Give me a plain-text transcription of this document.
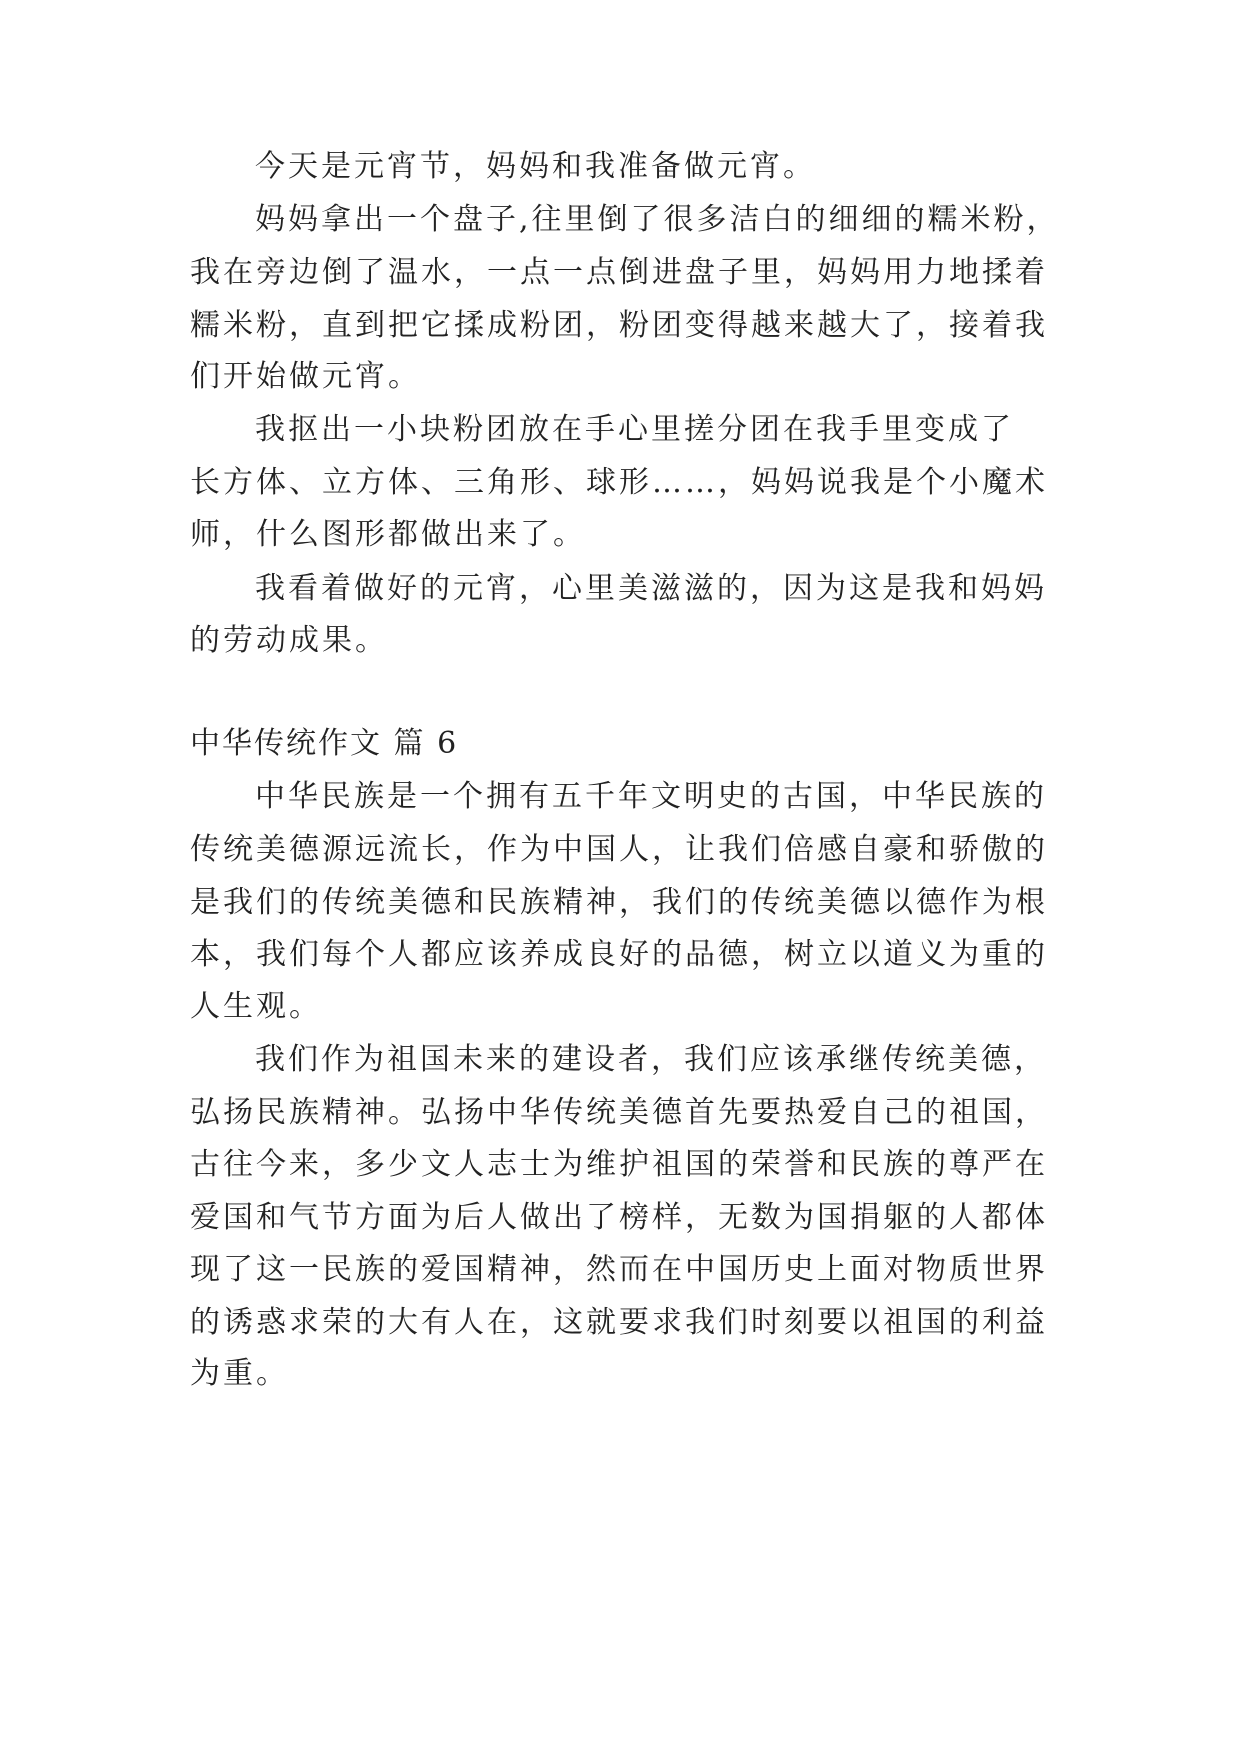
今天是元宵节，妈妈和我准备做元宵。

妈妈拿出一个盘子,往里倒了很多洁白的细细的糯米粉，

我在旁边倒了温水，一点一点倒进盘子里，妈妈用力地揉着

糯米粉，直到把它揉成粉团，粉团变得越来越大了，接着我

们开始做元宵。

我抠出一小块粉团放在手心里搓分团在我手里变成了

长方体、立方体、三角形、球形……，妈妈说我是个小魔术

师，什么图形都做出来了。

我看着做好的元宵，心里美滋滋的，因为这是我和妈妈

的劳动成果。

中华传统作文 篇 6

中华民族是一个拥有五千年文明史的古国，中华民族的

传统美德源远流长，作为中国人，让我们倍感自豪和骄傲的

是我们的传统美德和民族精神，我们的传统美德以德作为根

本，我们每个人都应该养成良好的品德，树立以道义为重的

人生观。

我们作为祖国未来的建设者，我们应该承继传统美德，

弘扬民族精神。弘扬中华传统美德首先要热爱自己的祖国，

古往今来，多少文人志士为维护祖国的荣誉和民族的尊严在

爱国和气节方面为后人做出了榜样，无数为国捐躯的人都体

现了这一民族的爱国精神，然而在中国历史上面对物质世界

的诱惑求荣的大有人在，这就要求我们时刻要以祖国的利益

为重。
